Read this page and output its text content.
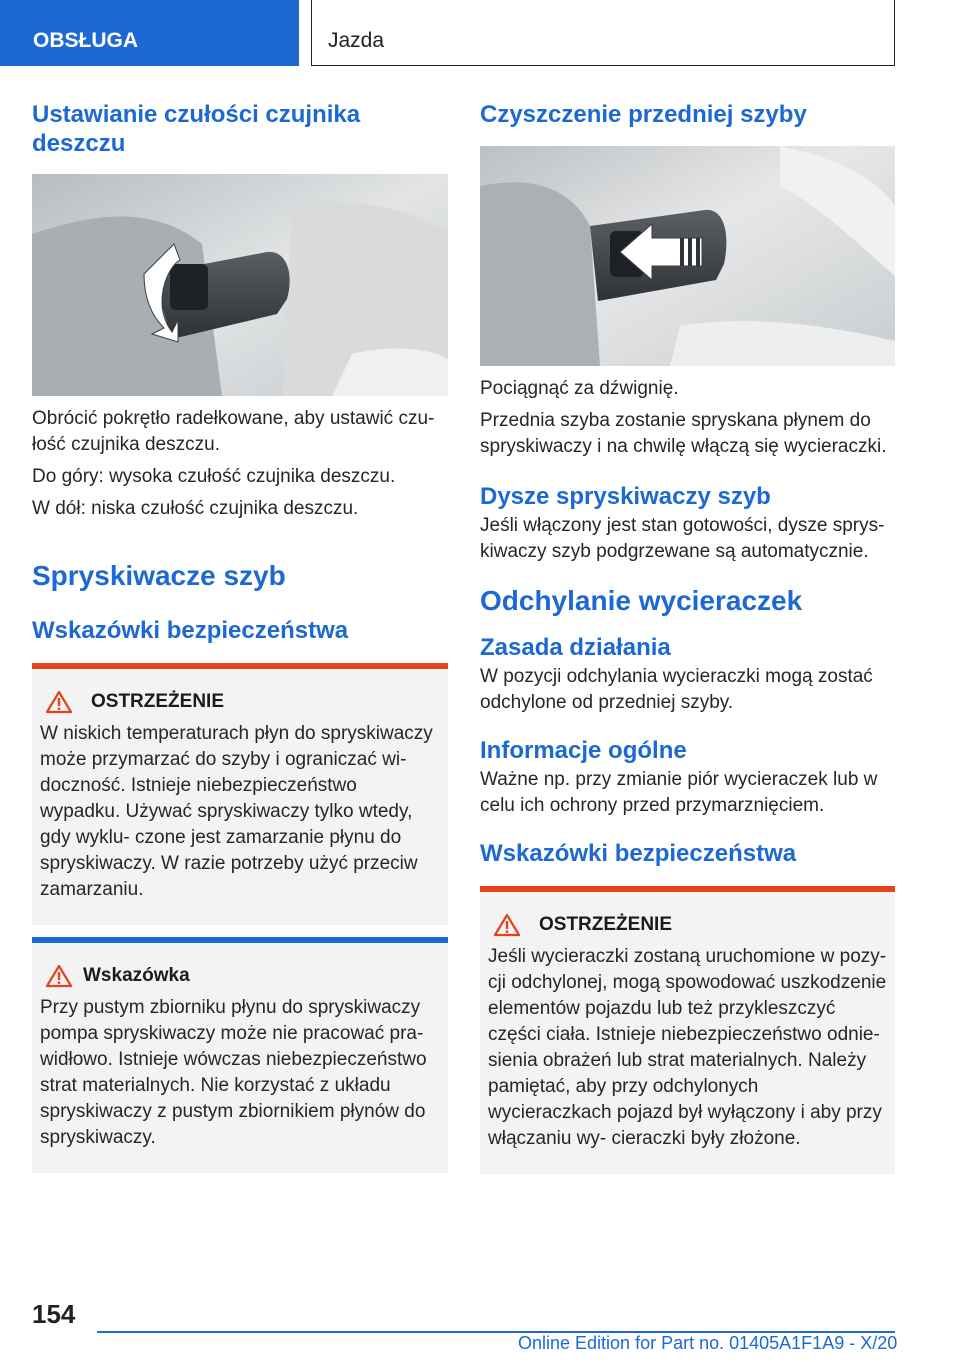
OBSŁUGA	Jazda
Ustawianie czułości czujnika deszczu

Obrócić pokrętło radełkowane, aby ustawić czu- łość czujnika deszczu.

Do góry: wysoka czułość czujnika deszczu.

W dół: niska czułość czujnika deszczu.

Spryskiwacze szyb
Wskazówki bezpieczeństwa
OSTRZEŻENIE

W niskich temperaturach płyn do spryskiwaczy może przymarzać do szyby i ograniczać wi- doczność. Istnieje niebezpieczeństwo wypadku. Używać spryskiwaczy tylko wtedy, gdy wyklu- czone jest zamarzanie płynu do spryskiwaczy. W razie potrzeby użyć przeciw zamarzaniu.

Wskazówka

Przy pustym zbiorniku płynu do spryskiwaczy pompa spryskiwaczy może nie pracować pra- widłowo. Istnieje wówczas niebezpieczeństwo strat materialnych. Nie korzystać z układu spryskiwaczy z pustym zbiornikiem płynów do spryskiwaczy.

Czyszczenie przedniej szyby

Pociągnąć za dźwignię.

Przednia szyba zostanie spryskana płynem do spryskiwaczy i na chwilę włączą się wycieraczki.

Dysze spryskiwaczy szyb

Jeśli włączony jest stan gotowości, dysze sprys- kiwaczy szyb podgrzewane są automatycznie.

Odchylanie wycieraczek
Zasada działania

W pozycji odchylania wycieraczki mogą zostać odchylone od przedniej szyby.

Informacje ogólne

Ważne np. przy zmianie piór wycieraczek lub w celu ich ochrony przed przymarznięciem.

Wskazówki bezpieczeństwa
OSTRZEŻENIE

Jeśli wycieraczki zostaną uruchomione w pozy- cji odchylonej, mogą spowodować uszkodzenie elementów pojazdu lub też przykleszczyć części ciała. Istnieje niebezpieczeństwo odnie- sienia obrażeń lub strat materialnych. Należy pamiętać, aby przy odchylonych wycieraczkach pojazd był wyłączony i aby przy włączaniu wy- cieraczki były złożone.

154
Online Edition for Part no. 01405A1F1A9 - X/20
